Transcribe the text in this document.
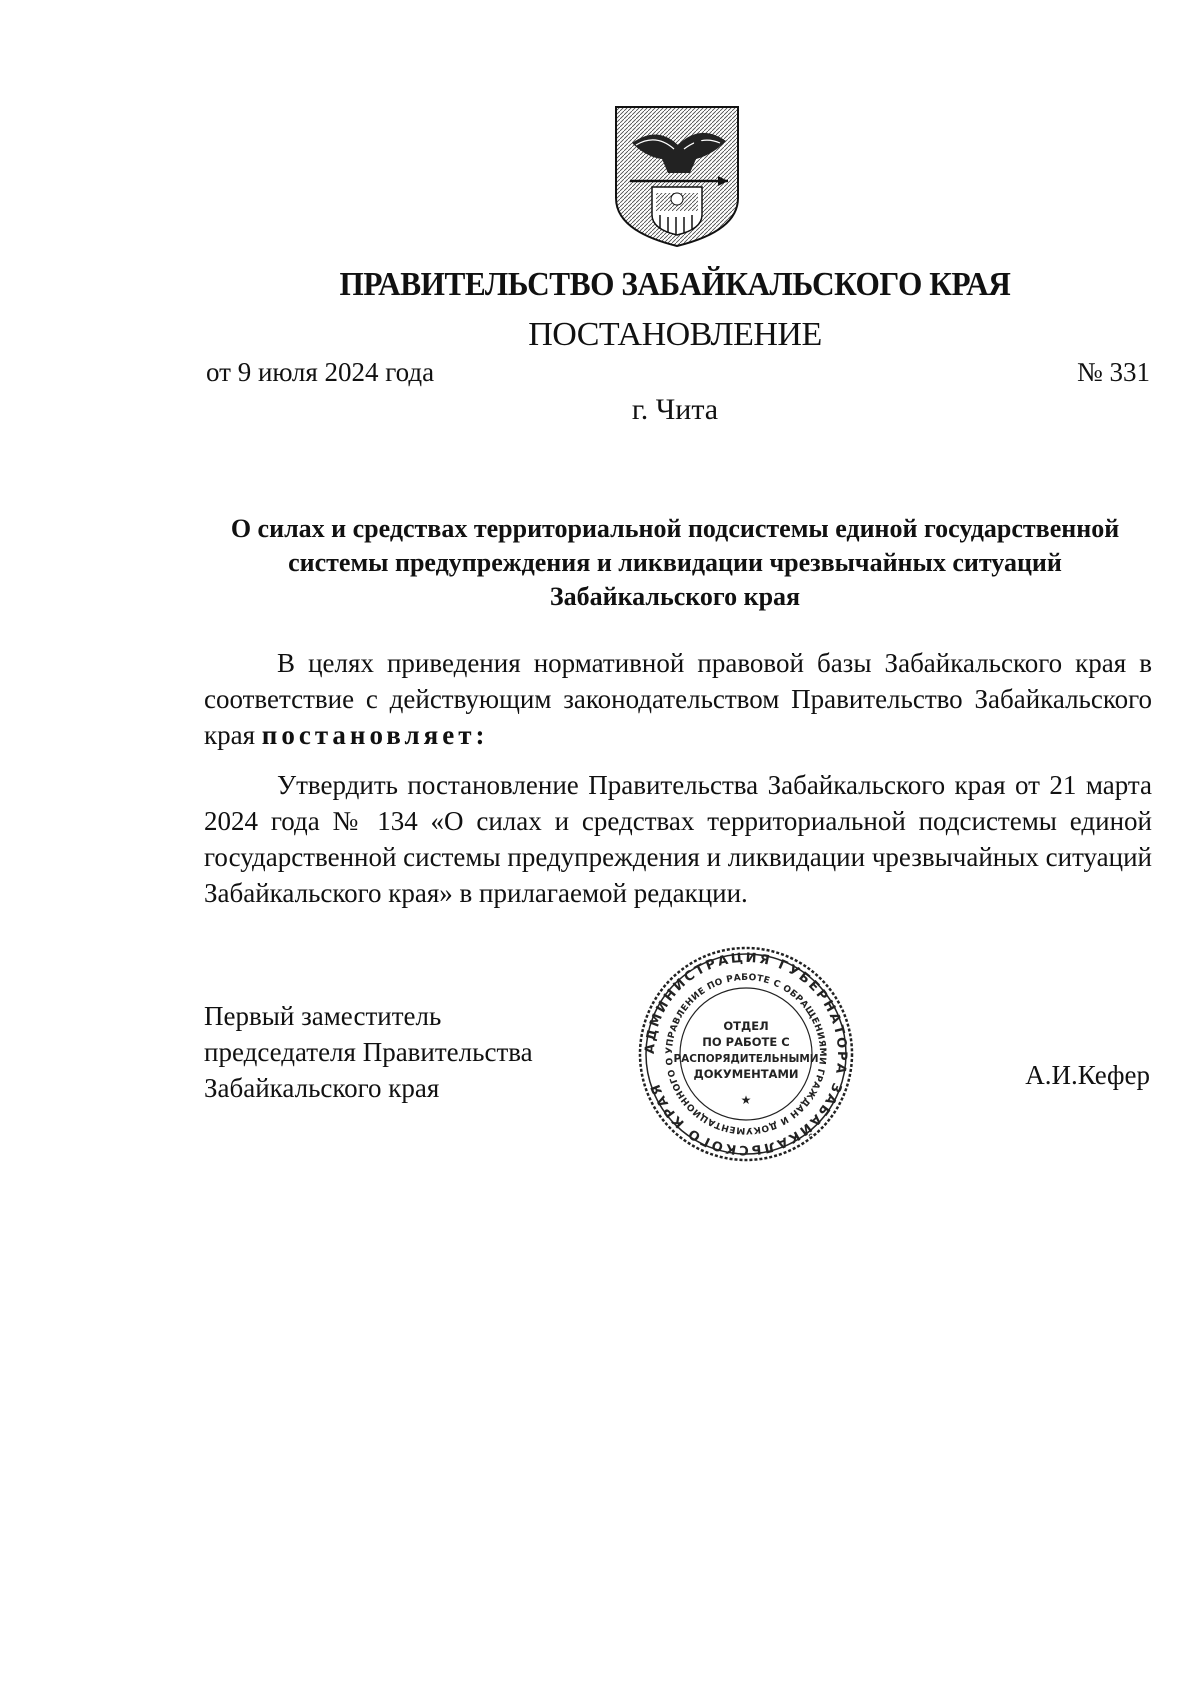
ПРАВИТЕЛЬСТВО ЗАБАЙКАЛЬСКОГО КРАЯ
ПОСТАНОВЛЕНИЕ
от 9 июля 2024 года	№ 331
г. Чита
О силах и средствах территориальной подсистемы единой государственной системы предупреждения и ликвидации чрезвычайных ситуаций Забайкальского края

В целях приведения нормативной правовой базы Забайкальского края в соответствие с действующим законодательством Правительство Забайкальского края постановляет:

Утвердить постановление Правительства Забайкальского края от 21 марта 2024 года № 134 «О силах и средствах территориальной подсистемы единой государственной системы предупреждения и ликвидации чрезвычайных ситуаций Забайкальского края» в прилагаемой редакции.

Первый заместитель
председателя Правительства
Забайкальского края	А.И.Кефер
АДМИНИСТРАЦИЯ ГУБЕРНАТОРА ЗАБАЙКАЛЬСКОГО КРАЯ
УПРАВЛЕНИЕ ПО РАБОТЕ С ОБРАЩЕНИЯМИ ГРАЖДАН И ДОКУМЕНТАЦИОННОГО О
ОТДЕЛ
ПО РАБОТЕ С
РАСПОРЯДИТЕЛЬНЫМИ
ДОКУМЕНТАМИ
★
